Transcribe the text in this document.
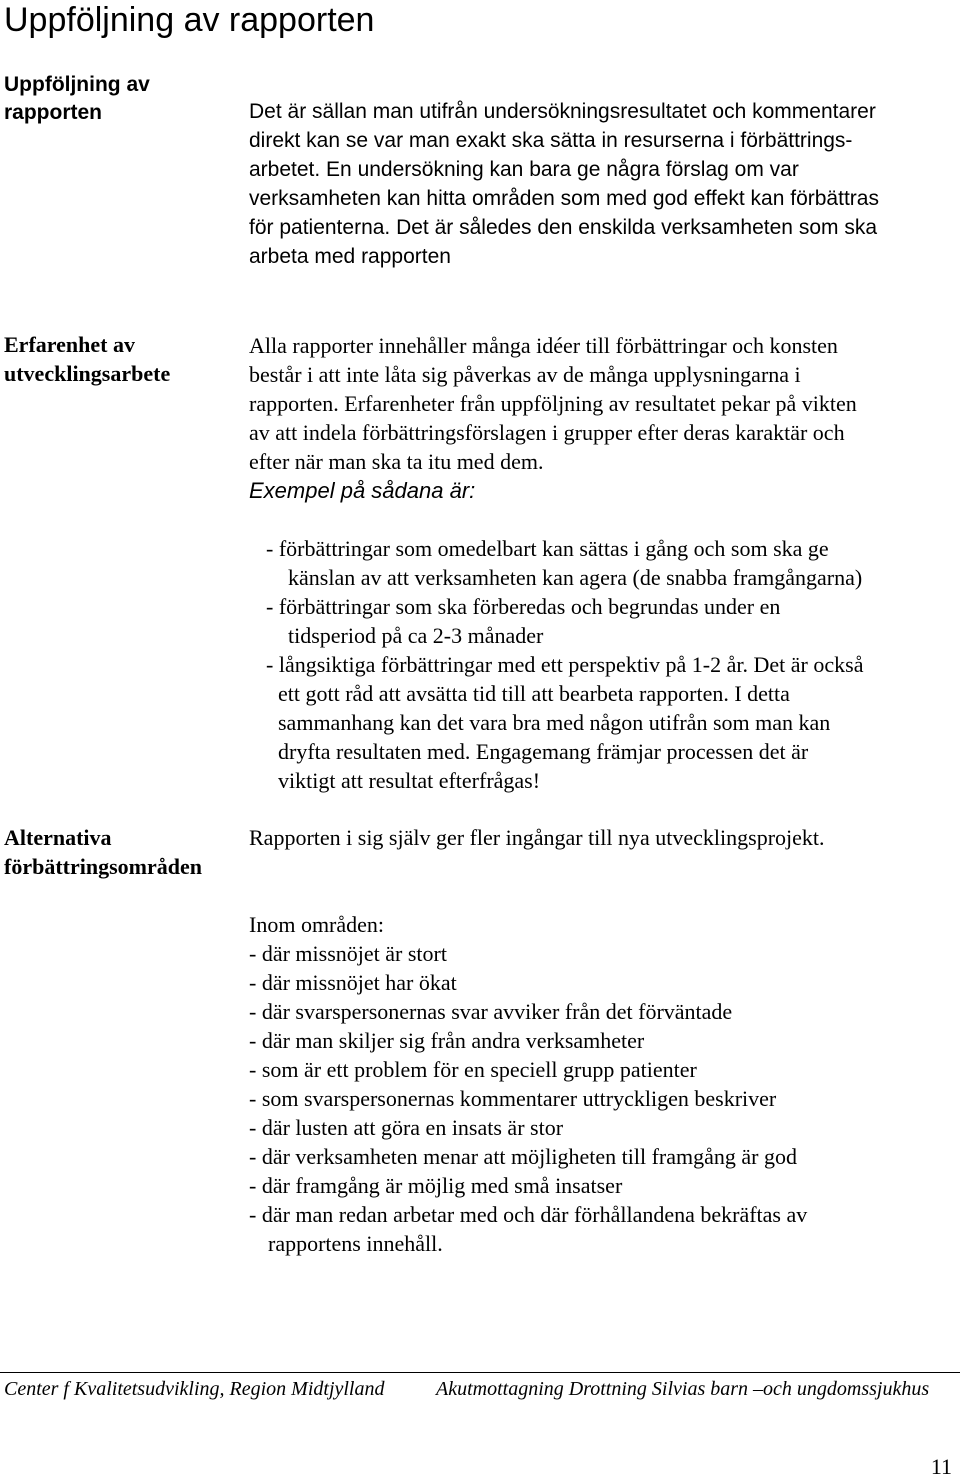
Uppföljning av rapporten
Uppföljning av
rapporten	Det är sällan man utifrån undersökningsresultatet och kommentarer
direkt kan se var man exakt ska sätta in resurserna i förbättrings-
arbetet. En undersökning kan bara ge några förslag om var
verksamheten kan hitta områden som med god effekt kan förbättras
för patienterna. Det är således den enskilda verksamheten som ska
arbeta med rapporten
Erfarenhet av
utvecklingsarbete
Alla rapporter innehåller många idéer till förbättringar och konsten
består i att inte låta sig påverkas av de många upplysningarna i
rapporten. Erfarenheter från uppföljning av resultatet pekar på vikten
av att indela förbättringsförslagen i grupper efter deras karaktär och
efter när man ska ta itu med dem.
Exempel på sådana är:
- förbättringar som omedelbart kan sättas i gång och som ska ge
känslan av att verksamheten kan agera (de snabba framgångarna)
- förbättringar som ska förberedas och begrundas under en
tidsperiod på ca 2-3 månader
- långsiktiga förbättringar med ett perspektiv på 1-2 år. Det är också
ett gott råd att avsätta tid till att bearbeta rapporten. I detta
sammanhang kan det vara bra med någon utifrån som man kan
dryfta resultaten med. Engagemang främjar processen det är
viktigt att resultat efterfrågas!
Alternativa
förbättringsområden
Rapporten i sig själv ger fler ingångar till nya utvecklingsprojekt.
Inom områden:
- där missnöjet är stort
- där missnöjet har ökat
- där svarspersonernas svar avviker från det förväntade
- där man skiljer sig från andra verksamheter
- som är ett problem för en speciell grupp patienter
- som svarspersonernas kommentarer uttryckligen beskriver
- där lusten att göra en insats är stor
- där verksamheten menar att möjligheten till framgång är god
- där framgång är möjlig med små insatser
- där man redan arbetar med och där förhållandena bekräftas av
rapportens innehåll.
Center f Kvalitetsudvikling, Region Midtjylland	Akutmottagning Drottning Silvias barn –och ungdomssjukhus
11
